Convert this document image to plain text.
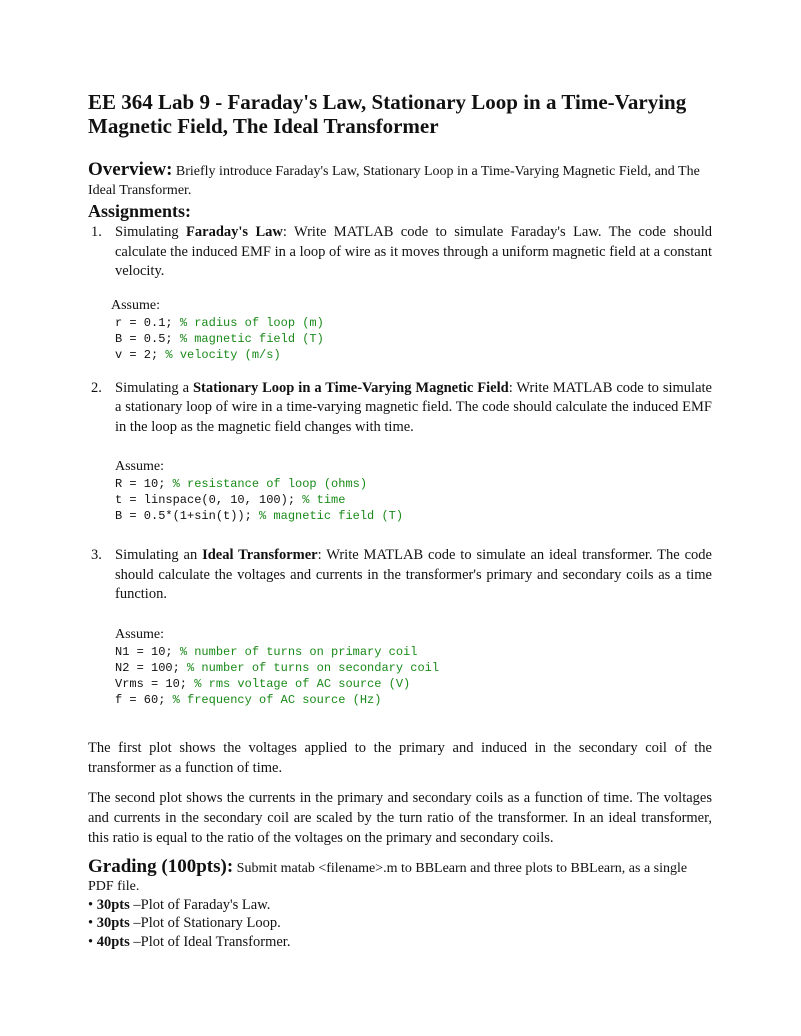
EE 364 Lab 9 - Faraday's Law, Stationary Loop in a Time-Varying Magnetic Field, The Ideal Transformer
Overview: Briefly introduce Faraday's Law, Stationary Loop in a Time-Varying Magnetic Field, and The Ideal Transformer.
Assignments:
1. Simulating Faraday's Law: Write MATLAB code to simulate Faraday's Law. The code should calculate the induced EMF in a loop of wire as it moves through a uniform magnetic field at a constant velocity.
Assume:
r = 0.1; % radius of loop (m)
B = 0.5; % magnetic field (T)
v = 2; % velocity (m/s)
2. Simulating a Stationary Loop in a Time-Varying Magnetic Field: Write MATLAB code to simulate a stationary loop of wire in a time-varying magnetic field. The code should calculate the induced EMF in the loop as the magnetic field changes with time.
Assume:
R = 10; % resistance of loop (ohms)
t = linspace(0, 10, 100); % time
B = 0.5*(1+sin(t)); % magnetic field (T)
3. Simulating an Ideal Transformer: Write MATLAB code to simulate an ideal transformer. The code should calculate the voltages and currents in the transformer's primary and secondary coils as a time function.
Assume:
N1 = 10; % number of turns on primary coil
N2 = 100; % number of turns on secondary coil
Vrms = 10; % rms voltage of AC source (V)
f = 60; % frequency of AC source (Hz)

The first plot shows the voltages applied to the primary and induced in the secondary coil of the transformer as a function of time.

The second plot shows the currents in the primary and secondary coils as a function of time. The voltages and currents in the secondary coil are scaled by the turn ratio of the transformer. In an ideal transformer, this ratio is equal to the ratio of the voltages on the primary and secondary coils.

Grading (100pts): Submit matab <filename>.m to BBLearn and three plots to BBLearn, as a single PDF file.
• 30pts –Plot of Faraday's Law.
• 30pts –Plot of Stationary Loop.
• 40pts –Plot of Ideal Transformer.
